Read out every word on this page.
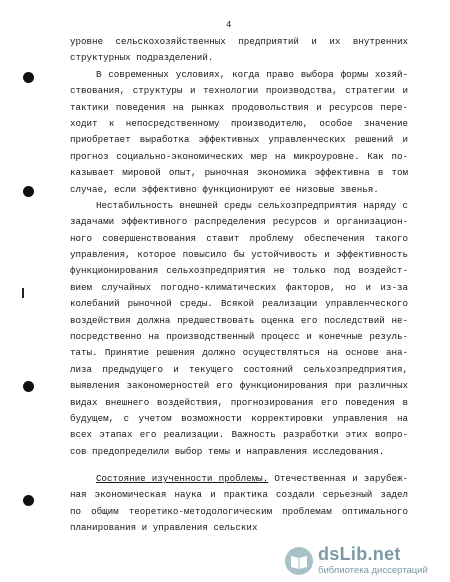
4
уровне сельскохозяйственных предприятий и их внутренних
структурных подразделений.
В современных условиях, когда право выбора формы хозяй-
ствования, структуры и технологии производства, стратегии и
тактики поведения на рынках продовольствия и ресурсов пере-
ходит к непосредственному производителю, особое значение
приобретает выработка эффективных управленческих решений и
прогноз социально-экономических мер на микроуровне. Как по-
казывает мировой опыт, рыночная экономика эффективна в том
случае, если эффективно функционируют ее низовые звенья.
Нестабильность внешней среды сельхозпредприятия наряду с
задачами эффективного распределения ресурсов и организацион-
ного совершенствования ставит проблему обеспечения такого
управления, которое повысило бы устойчивость и эффективность
функционирования сельхозпредприятия не только под воздейст-
вием случайных погодно-климатических факторов, но и из-за
колебаний рыночной среды. Всякой реализации управленческого
воздействия должна предшествовать оценка его последствий не-
посредственно на производственный процесс и конечные резуль-
таты. Принятие решения должно осуществляться на основе ана-
лиза предыдущего и текущего состояний сельхозпредприятия,
выявления закономерностей его функционирования при различных
видах внешнего воздействия, прогнозирования его поведения в
будущем, с учетом возможности корректировки управления на
всех этапах его реализации. Важность разработки этих вопро-
сов предопределили выбор темы и направления исследования.
Состояние изученности проблемы. Отечественная и зарубеж-
ная экономическая наука и практика создали серьезный задел
по общим теоретико-методологическим проблемам оптимального
планирования и управления сельских
dsLib.net
библиотека диссертаций
